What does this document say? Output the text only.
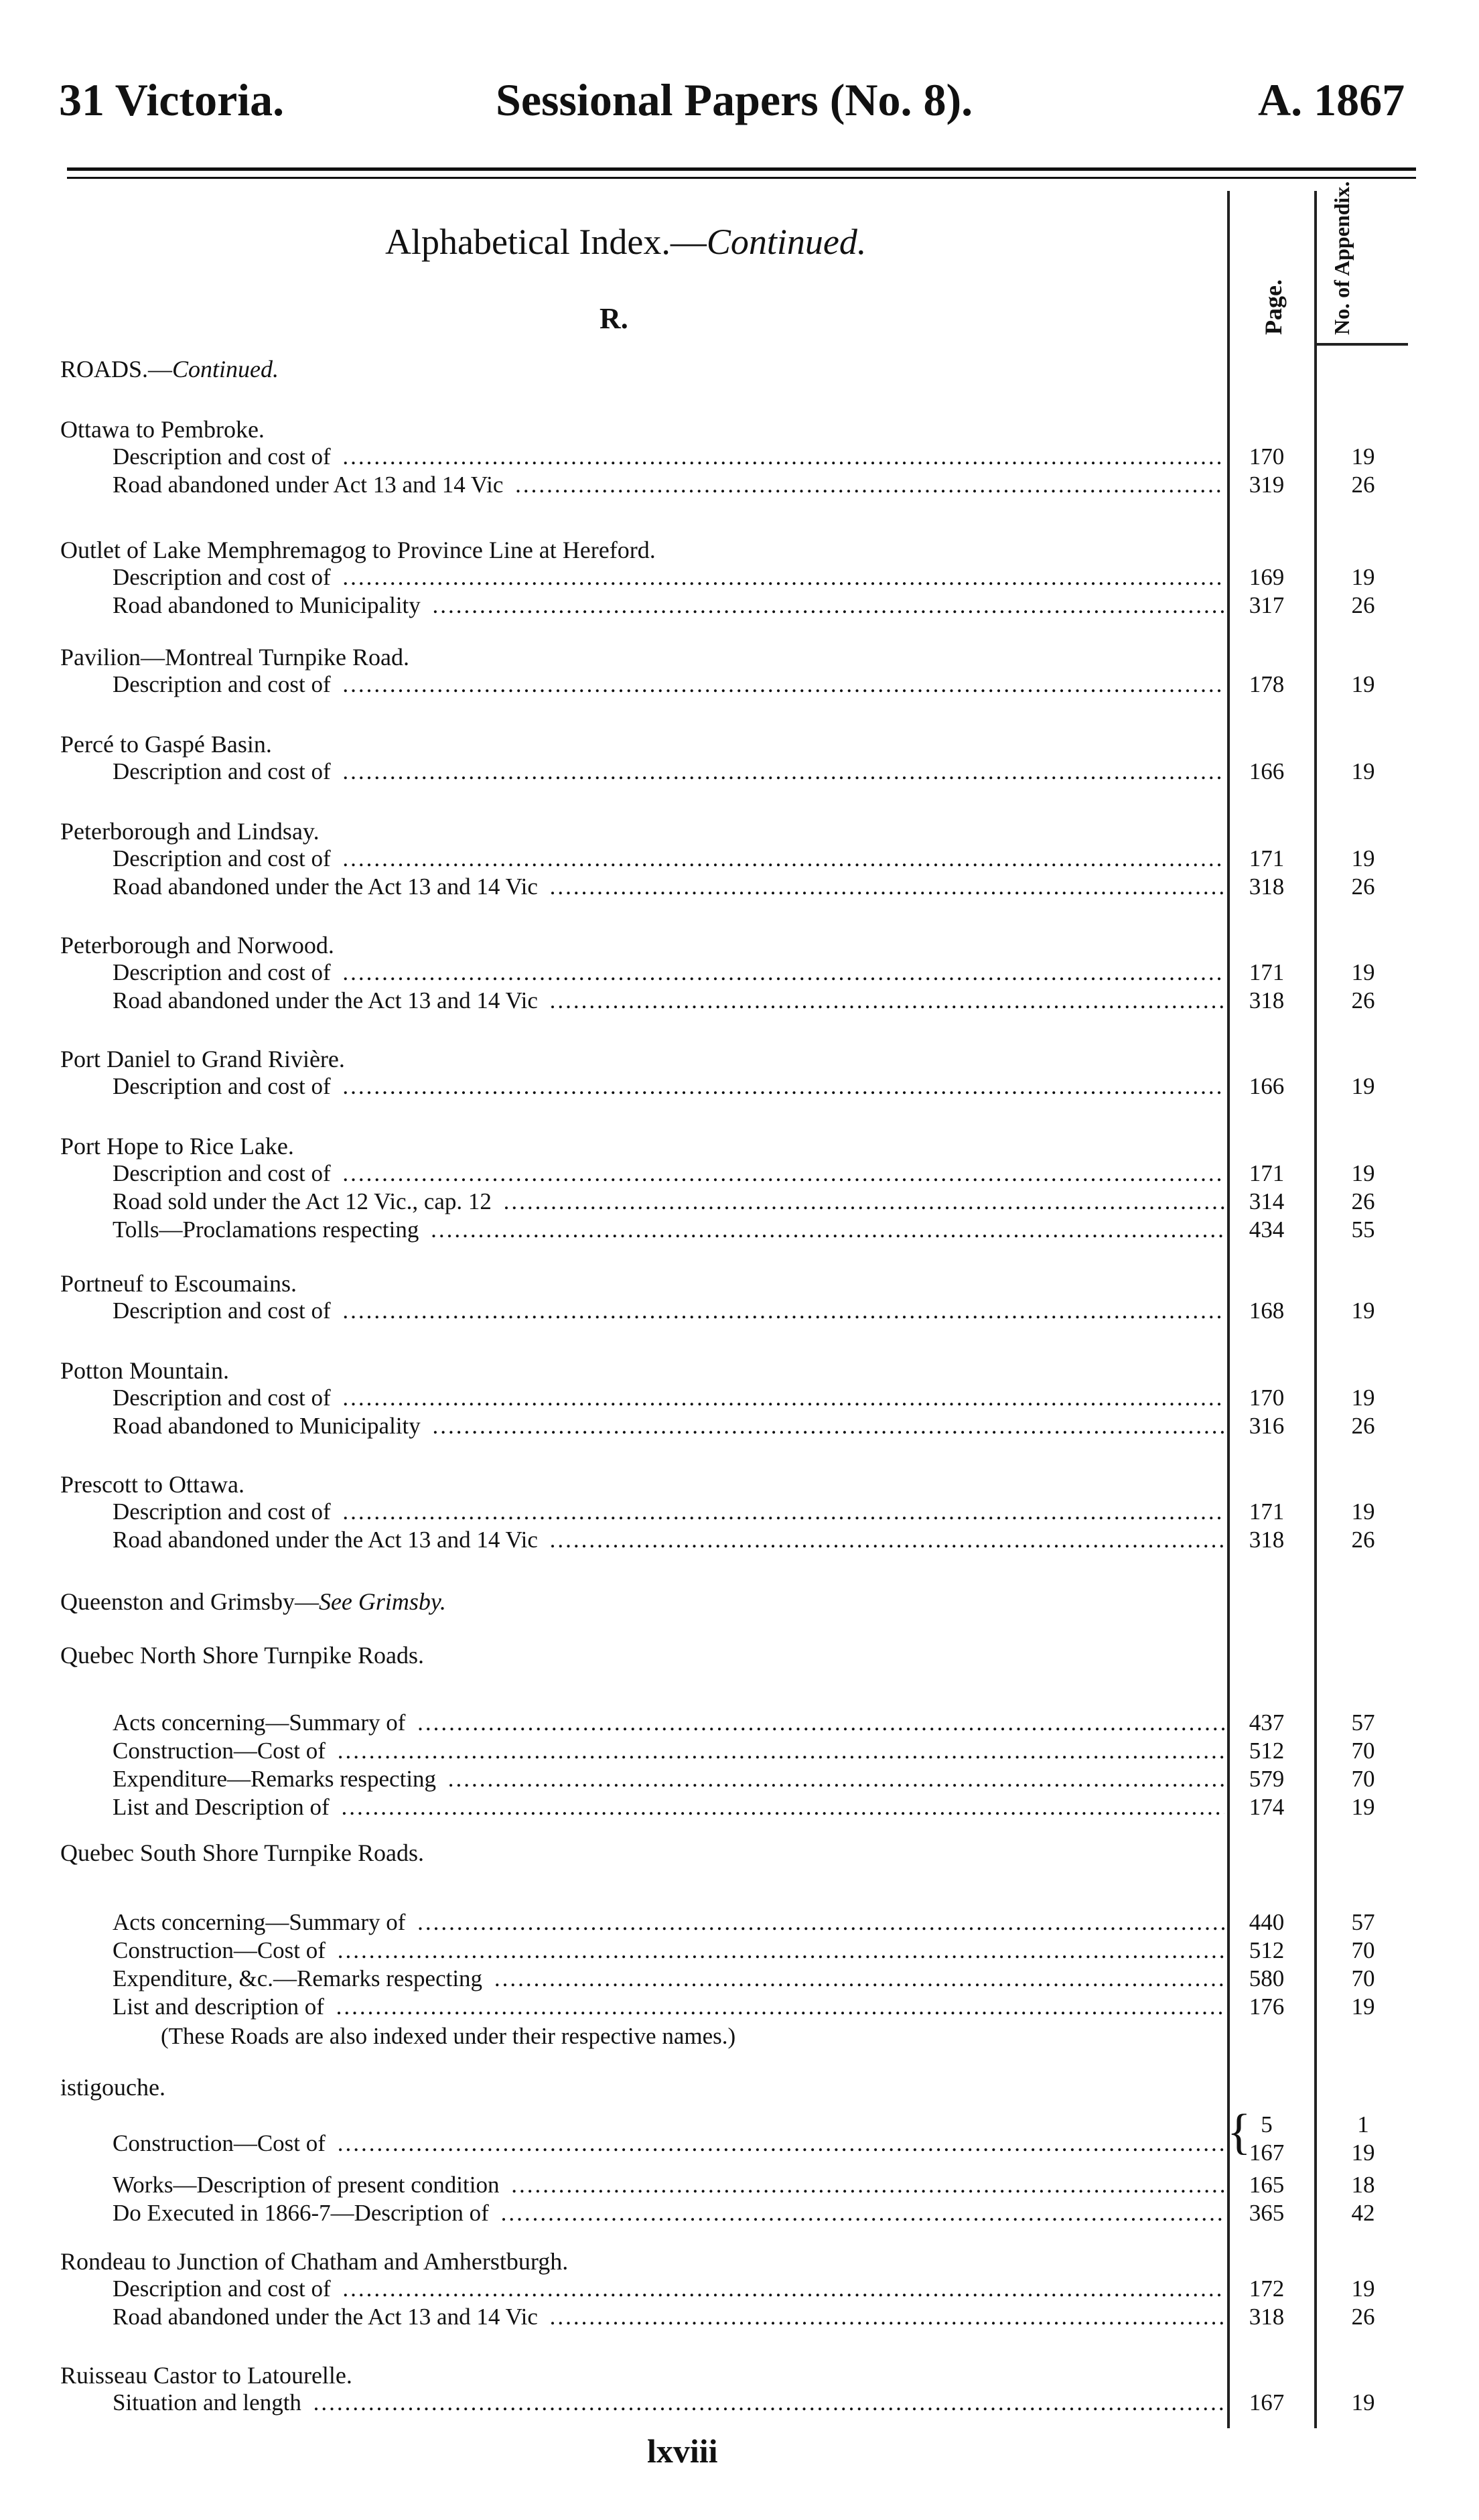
31 Victoria.	Sessional Papers (No. 8).	A. 1867
Page. No. of Appendix.
Alphabetical Index.—Continued.
R.
ROADS.—Continued.
Ottawa to Pembroke.
Description and cost of .....	170	19
Road abandoned under Act 13 and 14 Vic .....	319	26
Outlet of Lake Memphremagog to Province Line at Hereford.
Description and cost of .....	169	19
Road abandoned to Municipality .....	317	26
Pavilion—Montreal Turnpike Road.
Description and cost of .....	178	19
Percé to Gaspé Basin.
Description and cost of .....	166	19
Peterborough and Lindsay.
Description and cost of .....	171	19
Road abandoned under the Act 13 and 14 Vic .....	318	26
Peterborough and Norwood.
Description and cost of .....	171	19
Road abandoned under the Act 13 and 14 Vic .....	318	26
Port Daniel to Grand Rivière.
Description and cost of .....	166	19
Port Hope to Rice Lake.
Description and cost of .....	171	19
Road sold under the Act 12 Vic., cap. 12 .....	314	26
Tolls—Proclamations respecting .....	434	55
Portneuf to Escoumains.
Description and cost of .....	168	19
Potton Mountain.
Description and cost of .....	170	19
Road abandoned to Municipality .....	316	26
Prescott to Ottawa.
Description and cost of .....	171	19
Road abandoned under the Act 13 and 14 Vic .....	318	26
Queenston and Grimsby—See Grimsby.
Quebec North Shore Turnpike Roads.
Acts concerning—Summary of .....	437	57
Construction—Cost of .....	512	70
Expenditure—Remarks respecting .....	579	70
List and Description of .....	174	19
Quebec South Shore Turnpike Roads.
Acts concerning—Summary of .....	440	57
Construction—Cost of .....	512	70
Expenditure, &c.—Remarks respecting .....	580	70
List and description of .....	176	19
(These Roads are also indexed under their respective names.)
istigouche.
Construction—Cost of .....
5	1
167	19
{
Works—Description of present condition .....	165	18
Do Executed in 1866-7—Description of .....	365	42
Rondeau to Junction of Chatham and Amherstburgh.
Description and cost of .....	172	19
Road abandoned under the Act 13 and 14 Vic .....	318	26
Ruisseau Castor to Latourelle.
Situation and length .....	167	19
lxviii
